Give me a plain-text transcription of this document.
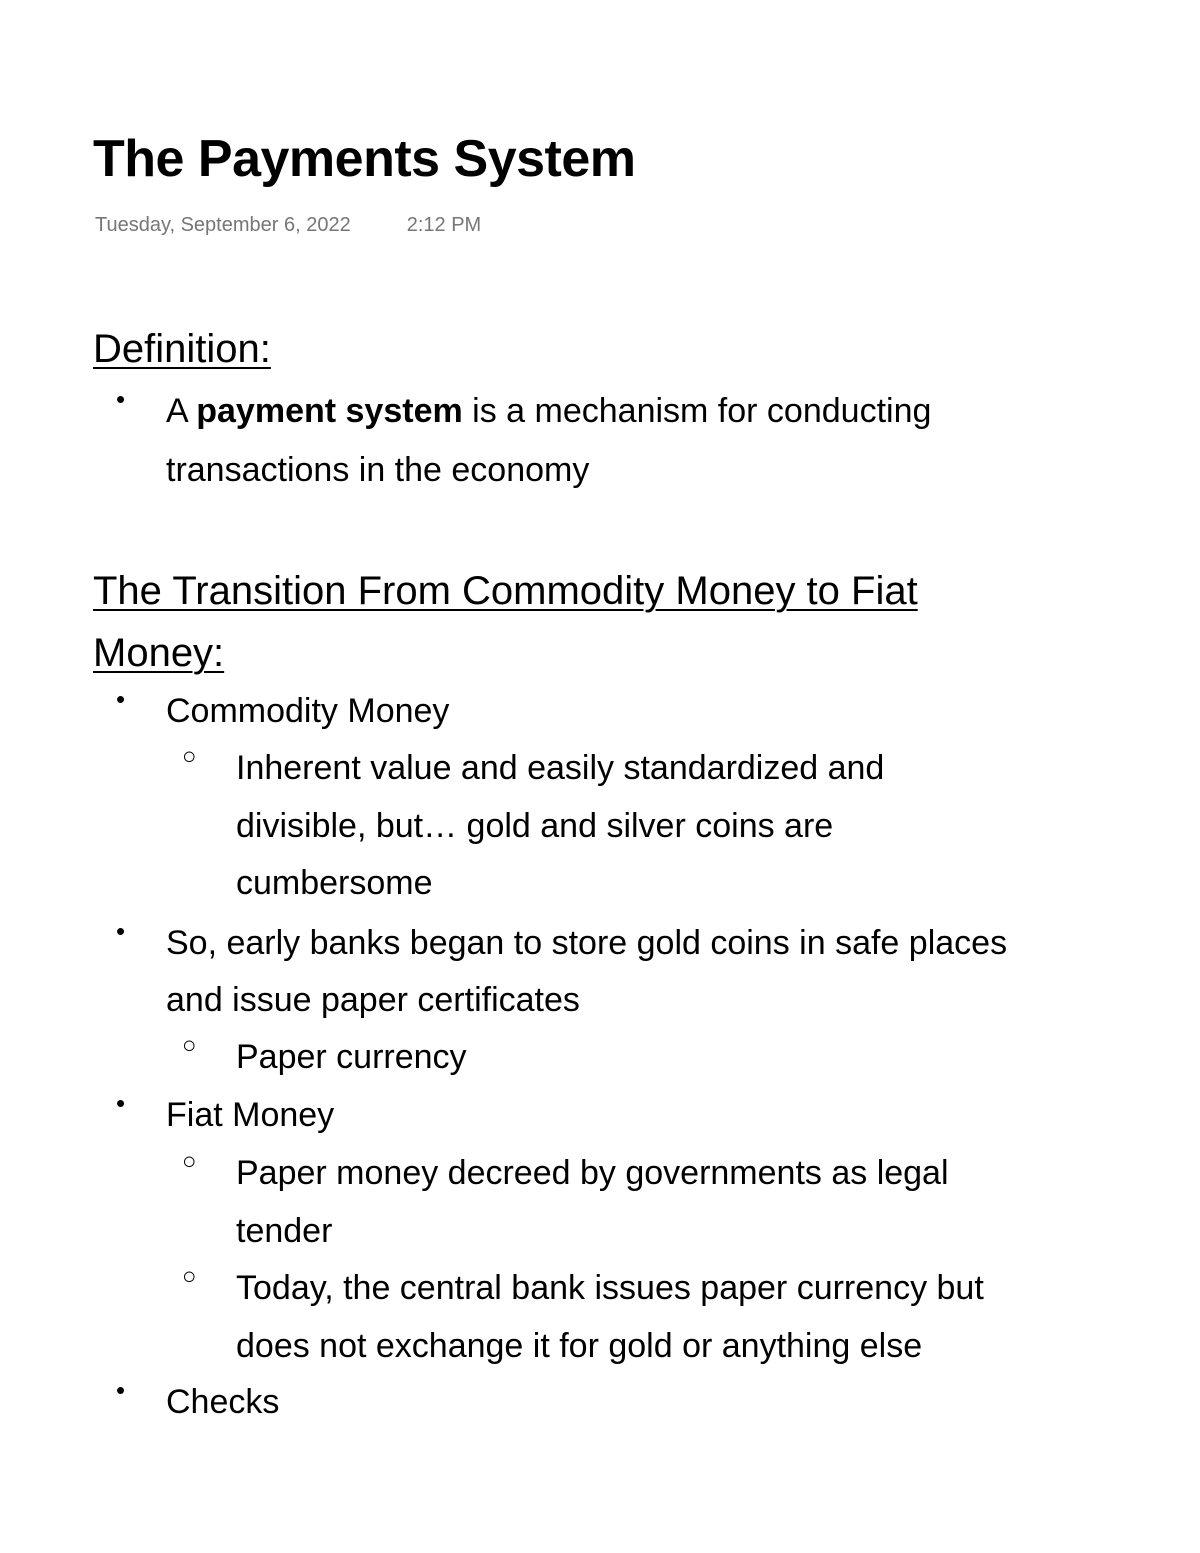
The Payments System
Tuesday, September 6, 2022	2:12 PM
Definition:
• A payment system is a mechanism for conducting
transactions in the economy
The Transition From Commodity Money to Fiat
Money:
• Commodity Money
○ Inherent value and easily standardized and
divisible, but… gold and silver coins are
cumbersome
• So, early banks began to store gold coins in safe places
and issue paper certificates
○ Paper currency
• Fiat Money
○ Paper money decreed by governments as legal
tender
○ Today, the central bank issues paper currency but
does not exchange it for gold or anything else
• Checks
